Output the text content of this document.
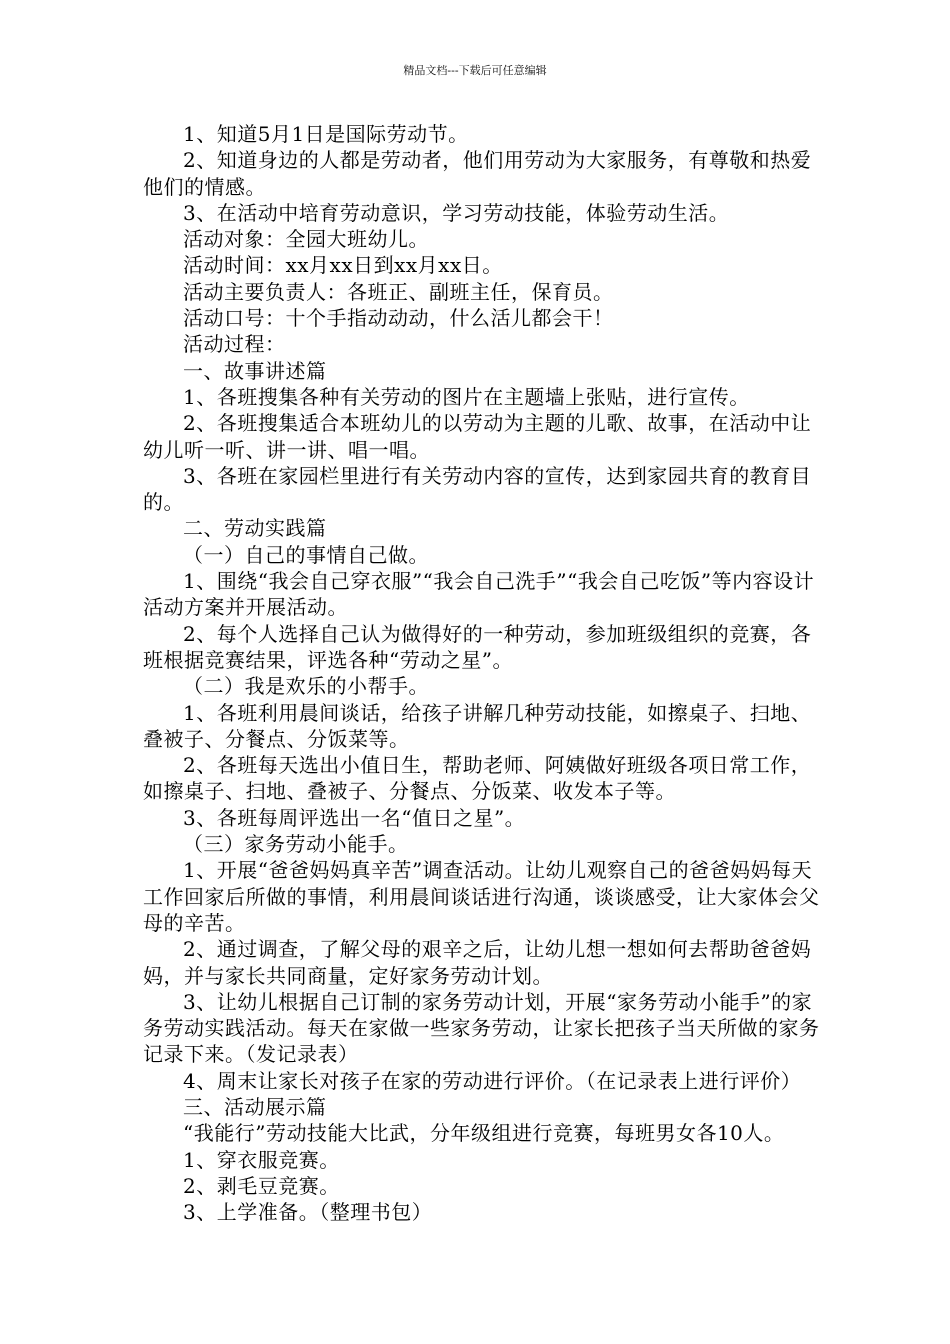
精品文档---下载后可任意编辑

1、知道5月1日是国际劳动节。

2、知道身边的人都是劳动者，他们用劳动为大家服务，有尊敬和热爱他们的情感。

3、在活动中培育劳动意识，学习劳动技能，体验劳动生活。

活动对象：全园大班幼儿。

活动时间：xx月xx日到xx月xx日。

活动主要负责人：各班正、副班主任，保育员。

活动口号：十个手指动动动，什么活儿都会干！

活动过程：

一、故事讲述篇

1、各班搜集各种有关劳动的图片在主题墙上张贴，进行宣传。

2、各班搜集适合本班幼儿的以劳动为主题的儿歌、故事，在活动中让幼儿听一听、讲一讲、唱一唱。

3、各班在家园栏里进行有关劳动内容的宣传，达到家园共育的教育目的。

二、劳动实践篇

（一）自己的事情自己做。

1、围绕“我会自己穿衣服”“我会自己洗手”“我会自己吃饭”等内容设计活动方案并开展活动。

2、每个人选择自己认为做得好的一种劳动，参加班级组织的竞赛，各班根据竞赛结果，评选各种“劳动之星”。

（二）我是欢乐的小帮手。

1、各班利用晨间谈话，给孩子讲解几种劳动技能，如擦桌子、扫地、叠被子、分餐点、分饭菜等。

2、各班每天选出小值日生，帮助老师、阿姨做好班级各项日常工作，如擦桌子、扫地、叠被子、分餐点、分饭菜、收发本子等。

3、各班每周评选出一名“值日之星”。

（三）家务劳动小能手。

1、开展“爸爸妈妈真辛苦”调查活动。让幼儿观察自己的爸爸妈妈每天工作回家后所做的事情，利用晨间谈话进行沟通，谈谈感受，让大家体会父母的辛苦。

2、通过调查，了解父母的艰辛之后，让幼儿想一想如何去帮助爸爸妈妈，并与家长共同商量，定好家务劳动计划。

3、让幼儿根据自己订制的家务劳动计划，开展“家务劳动小能手”的家务劳动实践活动。每天在家做一些家务劳动，让家长把孩子当天所做的家务记录下来。（发记录表）

4、周末让家长对孩子在家的劳动进行评价。（在记录表上进行评价）

三、活动展示篇

“我能行”劳动技能大比武，分年级组进行竞赛，每班男女各10人。

1、穿衣服竞赛。

2、剥毛豆竞赛。

3、上学准备。（整理书包）
